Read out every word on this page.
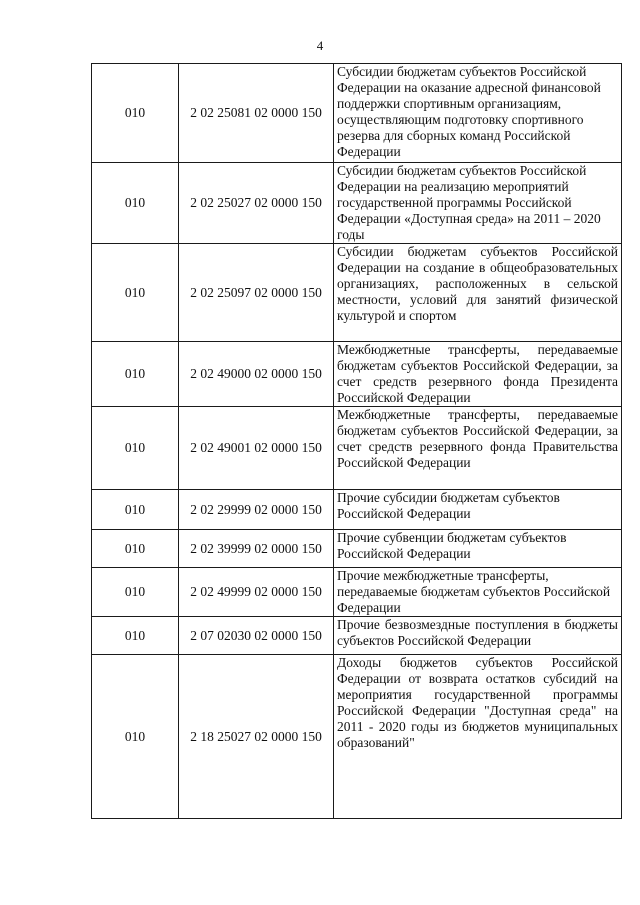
4
010	2 02 25081 02 0000 150	Субсидии бюджетам субъектов Российской Федерации на оказание адресной финансовой поддержки спортивным организациям, осуществляющим подготовку спортивного резерва для сборных команд Российской Федерации
010	2 02 25027 02 0000 150	Субсидии бюджетам субъектов Российской Федерации на реализацию мероприятий государственной программы Российской Федерации «Доступная среда» на 2011 – 2020 годы
010	2 02 25097 02 0000 150	Субсидии бюджетам субъектов Российской Федерации на создание в общеобразовательных организациях, расположенных в сельской местности, условий для занятий физической культурой и спортом
010	2 02 49000 02 0000 150	Межбюджетные трансферты, передаваемые бюджетам субъектов Российской Федерации, за счет средств резервного фонда Президента Российской Федерации
010	2 02 49001 02 0000 150	Межбюджетные трансферты, передаваемые бюджетам субъектов Российской Федерации, за счет средств резервного фонда Правительства Российской Федерации
010	2 02 29999 02 0000 150	Прочие субсидии бюджетам субъектов Российской Федерации
010	2 02 39999 02 0000 150	Прочие субвенции бюджетам субъектов Российской Федерации
010	2 02 49999 02 0000 150	Прочие межбюджетные трансферты, передаваемые бюджетам субъектов Российской Федерации
010	2 07 02030 02 0000 150	Прочие безвозмездные поступления в бюджеты субъектов Российской Федерации
010	2 18 25027 02 0000 150	Доходы бюджетов субъектов Российской Федерации от возврата остатков субсидий на мероприятия государственной программы Российской Федерации "Доступная среда" на 2011 - 2020 годы из бюджетов муниципальных образований"
